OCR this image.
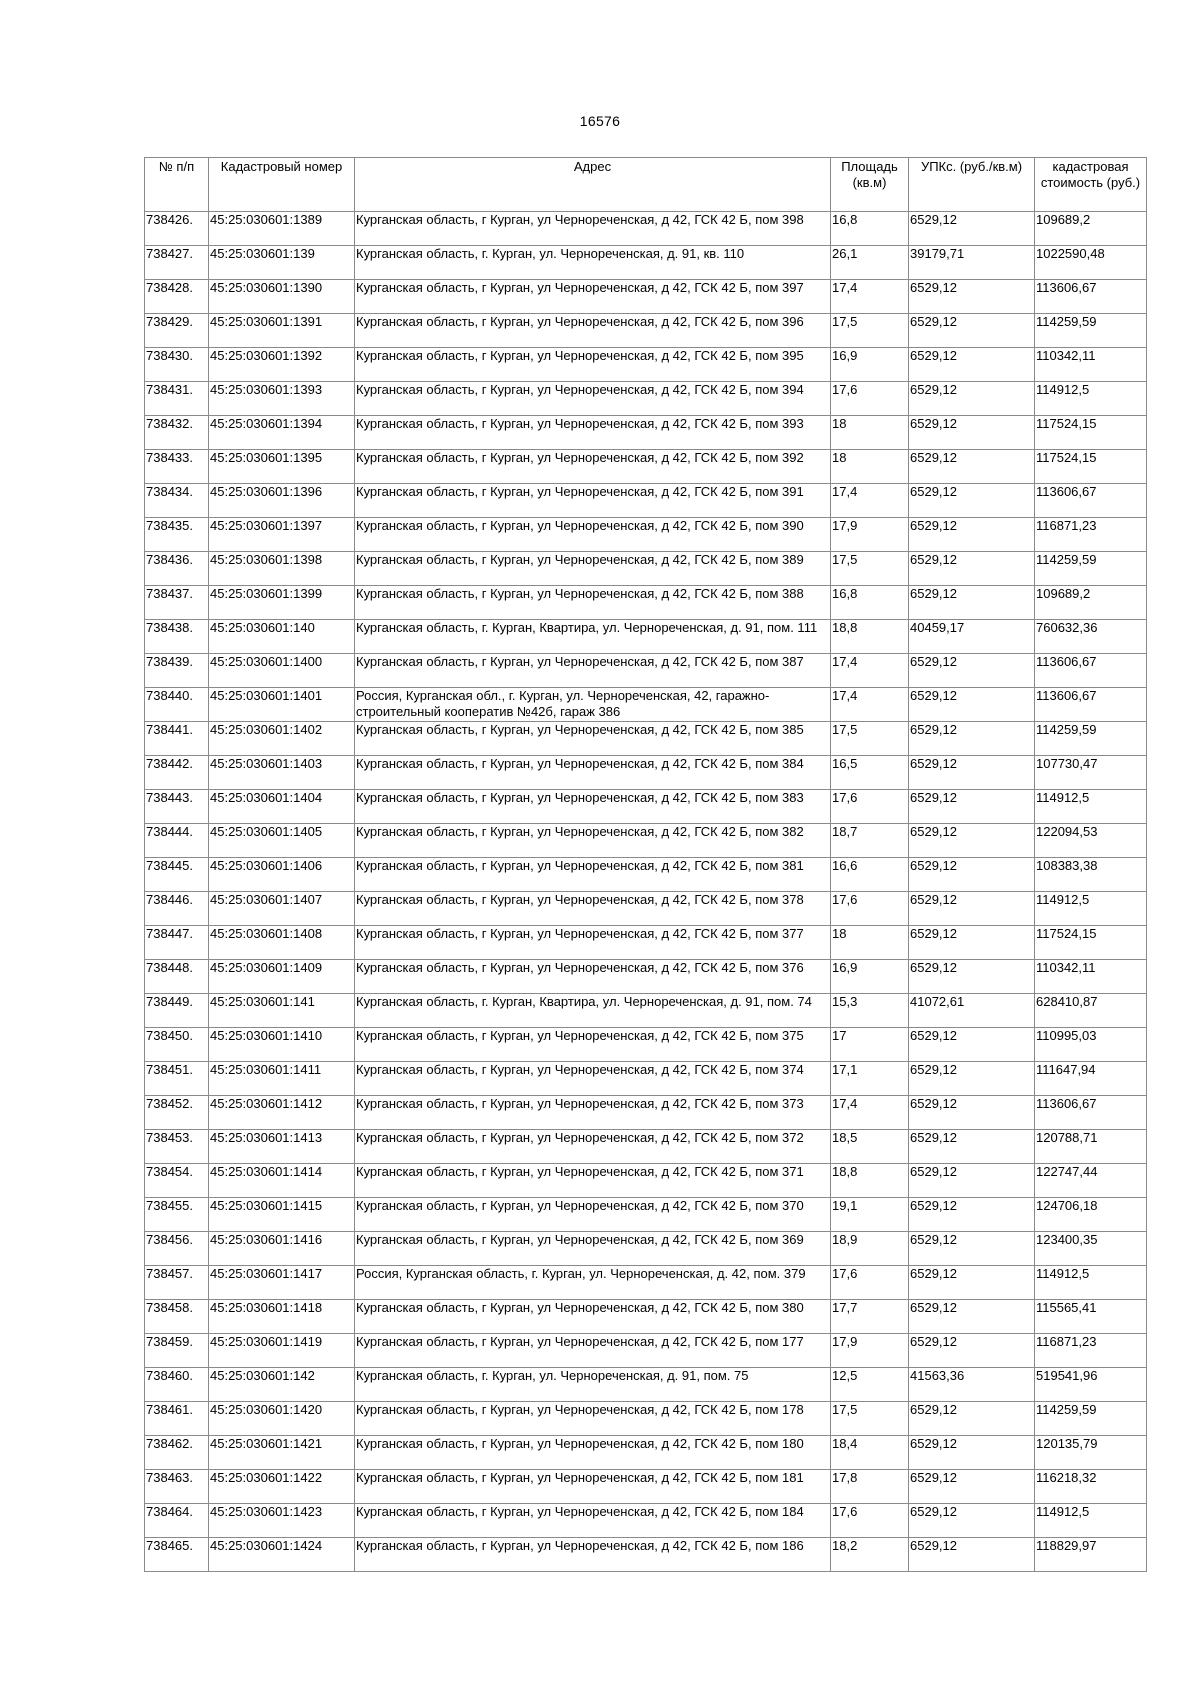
16576
№ п/п	Кадастровый номер	Адрес	Площадь (кв.м)	УПКс. (руб./кв.м)	кадастровая стоимость (руб.)
738426.	45:25:030601:1389	Курганская область, г Курган, ул Черноречeнская, д 42, ГСК 42 Б, пом 398	16,8	6529,12	109689,2
738427.	45:25:030601:139	Курганская область, г. Курган, ул. Черноречeнская, д. 91, кв. 110	26,1	39179,71	1022590,48
738428.	45:25:030601:1390	Курганская область, г Курган, ул Черноречeнская, д 42, ГСК 42 Б, пом 397	17,4	6529,12	113606,67
738429.	45:25:030601:1391	Курганская область, г Курган, ул Черноречeнская, д 42, ГСК 42 Б, пом 396	17,5	6529,12	114259,59
738430.	45:25:030601:1392	Курганская область, г Курган, ул Черноречeнская, д 42, ГСК 42 Б, пом 395	16,9	6529,12	110342,11
738431.	45:25:030601:1393	Курганская область, г Курган, ул Черноречeнская, д 42, ГСК 42 Б, пом 394	17,6	6529,12	114912,5
738432.	45:25:030601:1394	Курганская область, г Курган, ул Черноречeнская, д 42, ГСК 42 Б, пом 393	18	6529,12	117524,15
738433.	45:25:030601:1395	Курганская область, г Курган, ул Черноречeнская, д 42, ГСК 42 Б, пом 392	18	6529,12	117524,15
738434.	45:25:030601:1396	Курганская область, г Курган, ул Черноречeнская, д 42, ГСК 42 Б, пом 391	17,4	6529,12	113606,67
738435.	45:25:030601:1397	Курганская область, г Курган, ул Черноречeнская, д 42, ГСК 42 Б, пом 390	17,9	6529,12	116871,23
738436.	45:25:030601:1398	Курганская область, г Курган, ул Черноречeнская, д 42, ГСК 42 Б, пом 389	17,5	6529,12	114259,59
738437.	45:25:030601:1399	Курганская область, г Курган, ул Черноречeнская, д 42, ГСК 42 Б, пом 388	16,8	6529,12	109689,2
738438.	45:25:030601:140	Курганская область, г. Курган, Квартира, ул. Черноречeнская, д. 91, пом. 111	18,8	40459,17	760632,36
738439.	45:25:030601:1400	Курганская область, г Курган, ул Черноречeнская, д 42, ГСК 42 Б, пом 387	17,4	6529,12	113606,67
738440.	45:25:030601:1401	Россия, Курганская обл., г. Курган, ул. Черноречeнская, 42, гаражно-строительный кооператив №42б, гараж 386	17,4	6529,12	113606,67
738441.	45:25:030601:1402	Курганская область, г Курган, ул Черноречeнская, д 42, ГСК 42 Б, пом 385	17,5	6529,12	114259,59
738442.	45:25:030601:1403	Курганская область, г Курган, ул Черноречeнская, д 42, ГСК 42 Б, пом 384	16,5	6529,12	107730,47
738443.	45:25:030601:1404	Курганская область, г Курган, ул Черноречeнская, д 42, ГСК 42 Б, пом 383	17,6	6529,12	114912,5
738444.	45:25:030601:1405	Курганская область, г Курган, ул Черноречeнская, д 42, ГСК 42 Б, пом 382	18,7	6529,12	122094,53
738445.	45:25:030601:1406	Курганская область, г Курган, ул Черноречeнская, д 42, ГСК 42 Б, пом 381	16,6	6529,12	108383,38
738446.	45:25:030601:1407	Курганская область, г Курган, ул Черноречeнская, д 42, ГСК 42 Б, пом 378	17,6	6529,12	114912,5
738447.	45:25:030601:1408	Курганская область, г Курган, ул Черноречeнская, д 42, ГСК 42 Б, пом 377	18	6529,12	117524,15
738448.	45:25:030601:1409	Курганская область, г Курган, ул Черноречeнская, д 42, ГСК 42 Б, пом 376	16,9	6529,12	110342,11
738449.	45:25:030601:141	Курганская область, г. Курган, Квартира, ул. Черноречeнская, д. 91, пом. 74	15,3	41072,61	628410,87
738450.	45:25:030601:1410	Курганская область, г Курган, ул Черноречeнская, д 42, ГСК 42 Б, пом 375	17	6529,12	110995,03
738451.	45:25:030601:1411	Курганская область, г Курган, ул Черноречeнская, д 42, ГСК 42 Б, пом 374	17,1	6529,12	111647,94
738452.	45:25:030601:1412	Курганская область, г Курган, ул Черноречeнская, д 42, ГСК 42 Б, пом 373	17,4	6529,12	113606,67
738453.	45:25:030601:1413	Курганская область, г Курган, ул Черноречeнская, д 42, ГСК 42 Б, пом 372	18,5	6529,12	120788,71
738454.	45:25:030601:1414	Курганская область, г Курган, ул Черноречeнская, д 42, ГСК 42 Б, пом 371	18,8	6529,12	122747,44
738455.	45:25:030601:1415	Курганская область, г Курган, ул Черноречeнская, д 42, ГСК 42 Б, пом 370	19,1	6529,12	124706,18
738456.	45:25:030601:1416	Курганская область, г Курган, ул Черноречeнская, д 42, ГСК 42 Б, пом 369	18,9	6529,12	123400,35
738457.	45:25:030601:1417	Россия, Курганская область, г. Курган, ул. Черноречeнская, д. 42, пом. 379	17,6	6529,12	114912,5
738458.	45:25:030601:1418	Курганская область, г Курган, ул Черноречeнская, д 42, ГСК 42 Б, пом 380	17,7	6529,12	115565,41
738459.	45:25:030601:1419	Курганская область, г Курган, ул Черноречeнская, д 42, ГСК 42 Б, пом 177	17,9	6529,12	116871,23
738460.	45:25:030601:142	Курганская область, г. Курган, ул. Черноречeнская, д. 91, пом. 75	12,5	41563,36	519541,96
738461.	45:25:030601:1420	Курганская область, г Курган, ул Черноречeнская, д 42, ГСК 42 Б, пом 178	17,5	6529,12	114259,59
738462.	45:25:030601:1421	Курганская область, г Курган, ул Черноречeнская, д 42, ГСК 42 Б, пом 180	18,4	6529,12	120135,79
738463.	45:25:030601:1422	Курганская область, г Курган, ул Черноречeнская, д 42, ГСК 42 Б, пом 181	17,8	6529,12	116218,32
738464.	45:25:030601:1423	Курганская область, г Курган, ул Черноречeнская, д 42, ГСК 42 Б, пом 184	17,6	6529,12	114912,5
738465.	45:25:030601:1424	Курганская область, г Курган, ул Черноречeнская, д 42, ГСК 42 Б, пом 186	18,2	6529,12	118829,97
